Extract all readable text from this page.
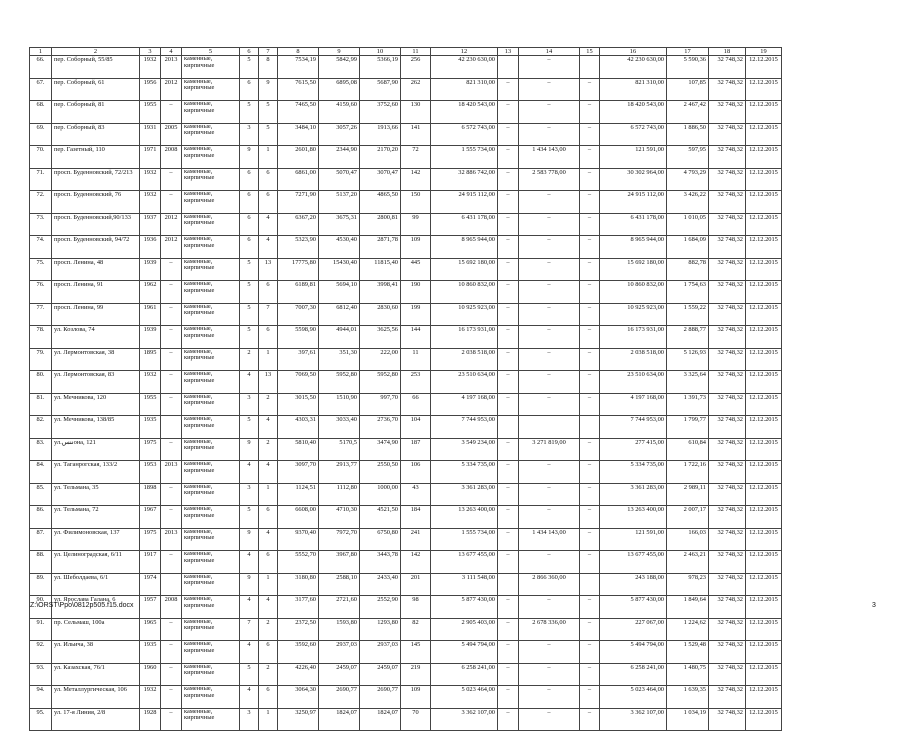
1	2	3	4	5	6	7	8	9	10	11	12	13	14	15	16	17	18	19
66.	пер. Соборный, 55/85	1932	2013	каменные, кирпичные	5	8	7534,19	5842,99	5366,19	256	42 230 630,00		–		42 230 630,00	5 590,36	32 748,32	12.12.2015
67.	пер. Соборный, 61	1956	2012	каменные, кирпичные	6	9	7615,50	6895,08	5687,90	262	821 310,00	–	–	–	821 310,00	107,85	32 748,32	12.12.2015
68.	пер. Соборный, 81	1955	–	каменные, кирпичные	5	5	7465,50	4159,60	3752,60	130	18 420 543,00	–	–	–	18 420 543,00	2 467,42	32 748,32	12.12.2015
69.	пер. Соборный, 83	1931	2005	каменные, кирпичные	3	5	3484,10	3057,26	1913,66	141	6 572 743,00	–	–	–	6 572 743,00	1 886,50	32 748,32	12.12.2015
70.	пер. Газетный, 110	1971	2008	каменные, кирпичные	9	1	2601,80	2344,90	2170,20	72	1 555 734,00	–	1 434 143,00	–	121 591,00	597,95	32 748,32	12.12.2015
71.	просп. Буденновский, 72/213	1932	–	каменные, кирпичные	6	6	6861,00	5070,47	3070,47	142	32 886 742,00	–	2 583 778,00	–	30 302 964,00	4 793,29	32 748,32	12.12.2015
72.	просп. Буденновский, 76	1932	–	каменные, кирпичные	6	6	7271,90	5137,20	4865,50	150	24 915 112,00	–	–	–	24 915 112,00	3 426,22	32 748,32	12.12.2015
73.	просп. Буденновский,90/133	1937	2012	каменные, кирпичные	6	4	6367,20	3675,31	2800,81	99	6 431 178,00	–	–	–	6 431 178,00	1 010,05	32 748,32	12.12.2015
74.	просп. Буденновский, 94/72	1936	2012	каменные, кирпичные	6	4	5323,90	4530,40	2871,78	109	8 965 944,00	–	–	–	8 965 944,00	1 684,09	32 748,32	12.12.2015
75.	просп. Ленина, 48	1939	–	каменные, кирпичные	5	13	17775,80	15430,40	11815,40	445	15 692 180,00	–	–	–	15 692 180,00	882,78	32 748,32	12.12.2015
76.	просп. Ленина, 91	1962	–	каменные, кирпичные	5	6	6189,81	5694,10	3998,41	190	10 860 832,00	–	–	–	10 860 832,00	1 754,63	32 748,32	12.12.2015
77.	просп. Ленина, 99	1961	–	каменные, кирпичные	5	7	7007,30	6812,40	2830,60	199	10 925 923,00	–	–	–	10 925 923,00	1 559,22	32 748,32	12.12.2015
78.	ул. Козлова, 74	1939	–	каменные, кирпичные	5	6	5598,90	4944,01	3625,56	144	16 173 931,00	–	–	–	16 173 931,00	2 888,77	32 748,32	12.12.2015
79.	ул. Лермонтовская, 38	1895	–	каменные, кирпичные	2	1	397,61	351,30	222,00	11	2 038 518,00	–	–	–	2 038 518,00	5 126,93	32 748,32	12.12.2015
80.	ул. Лермонтовская, 83	1932	–	каменные, кирпичные	4	13	7069,50	5952,80	5952,80	253	23 510 634,00	–	–	–	23 510 634,00	3 325,64	32 748,32	12.12.2015
81.	ул. Мечникова, 120	1955	–	каменные, кирпичные	3	2	3015,50	1510,90	997,70	66	4 197 168,00	–	–	–	4 197 168,00	1 391,73	32 748,32	12.12.2015
82.	ул. Мечникова, 138/85	1935		каменные, кирпичные	5	4	4303,31	3033,40	2736,70	104	7 744 953,00				7 744 953,00	1 799,77	32 748,32	12.12.2015
83.	ул.ننسона, 121	1975	–	каменные, кирпичные	9	2	5810,40	5170,5	3474,90	187	3 549 234,00	–	3 271 819,00	–	277 415,00	610,84	32 748,32	12.12.2015
84.	ул. Таганрогская, 133/2	1953	2013	каменные, кирпичные	4	4	3097,70	2913,77	2550,50	106	5 334 735,00	–	–	–	5 334 735,00	1 722,16	32 748,32	12.12.2015
85.	ул. Тельмана, 35	1898	–	каменные, кирпичные	3	1	1124,51	1112,80	1000,00	43	3 361 283,00	–	–	–	3 361 283,00	2 989,11	32 748,32	12.12.2015
86.	ул. Тельмана, 72	1967	–	каменные, кирпичные	5	6	6608,00	4710,30	4521,50	184	13 263 400,00	–	–	–	13 263 400,00	2 007,17	32 748,32	12.12.2015
87.	ул. Филимоновская, 137	1975	2013	каменные, кирпичные	9	4	9370,40	7972,70	6750,80	241	1 555 734,00	–	1 434 143,00	–	121 591,00	166,03	32 748,32	12.12.2015
88.	ул. Целиноградская, 6/11	1917	–	каменные, кирпичные	4	6	5552,70	3967,80	3443,78	142	13 677 455,00	–	–	–	13 677 455,00	2 463,21	32 748,32	12.12.2015
89.	ул. Шеболдаева, 6/1	1974		каменные, кирпичные	9	1	3180,80	2588,10	2433,40	201	3 111 548,00		2 866 360,00		243 188,00	978,23	32 748,32	12.12.2015
90.	ул. Ярослава Галана, 6	1957	2008	каменные, кирпичные	4	4	3177,60	2721,60	2552,90	98	5 877 430,00	–	–	–	5 877 430,00	1 849,64	32 748,32	12.12.2015
91.	пр. Сельмаш, 100а	1965	–	каменные, кирпичные	7	2	2372,50	1593,80	1293,80	82	2 905 403,00	–	2 678 336,00	–	227 067,00	1 224,62	32 748,32	12.12.2015
92.	ул. Ильича, 38	1935	–	каменные, кирпичные	4	6	3592,60	2937,03	2937,03	145	5 494 794,00	–	–	–	5 494 794,00	1 529,48	32 748,32	12.12.2015
93.	ул. Казахская, 76/1	1960	–	каменные, кирпичные	5	2	4226,40	2459,07	2459,07	219	6 258 241,00	–	–	–	6 258 241,00	1 480,75	32 748,32	12.12.2015
94.	ул. Металлургическая, 106	1932	–	каменные, кирпичные	4	6	3064,30	2690,77	2690,77	109	5 023 464,00	–	–	–	5 023 464,00	1 639,35	32 748,32	12.12.2015
95.	ул. 17-я Линия, 2/8	1928	–	каменные, кирпичные	3	1	3250,97	1824,07	1824,07	70	3 362 107,00	–	–	–	3 362 107,00	1 034,19	32 748,32	12.12.2015
Z:\ORST\Ppo\0812p505.f15.docx	3
